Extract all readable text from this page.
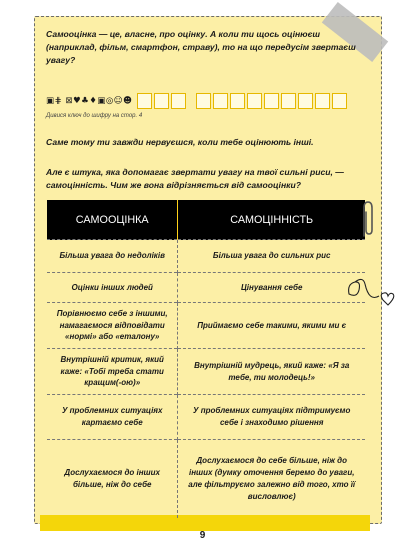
Самооцінка — це, власне, про оцінку. А коли ти щось оцінюєш (наприклад, фільм, смартфон, страву), то на що передусім звертаєш увагу?
▣⋕ ⊠♥♣♦▣◎☺☻
Дивися ключ до шифру на стор. 4
Саме тому ти завжди нервуєшся, коли тебе оцінюють інші.
Але є штука, яка допомагає звертати увагу на твої сильні риси, — самоцінність. Чим же вона відрізняється від самооцінки?
САМООЦІНКА	САМОЦІННІСТЬ
Більша увага до недоліків	Більша увага до сильних рис
Оцінки інших людей	Цінування себе
Порівнюємо себе з іншими, намагаємося відповідати «нормі» або «еталону»	Приймаємо себе такими, якими ми є
Внутрішній критик, який каже: «Тобі треба стати кращим(-ою)»	Внутрішній мудрець, який каже: «Я за тебе, ти молодець!»
У проблемних ситуаціях картаємо себе	У проблемних ситуаціях підтримуємо себе і знаходимо рішення
Дослухаємося до інших більше, ніж до себе	Дослухаємося до себе більше, ніж до інших (думку оточення беремо до уваги, але фільтруємо залежно від того, хто її висловлює)
9
